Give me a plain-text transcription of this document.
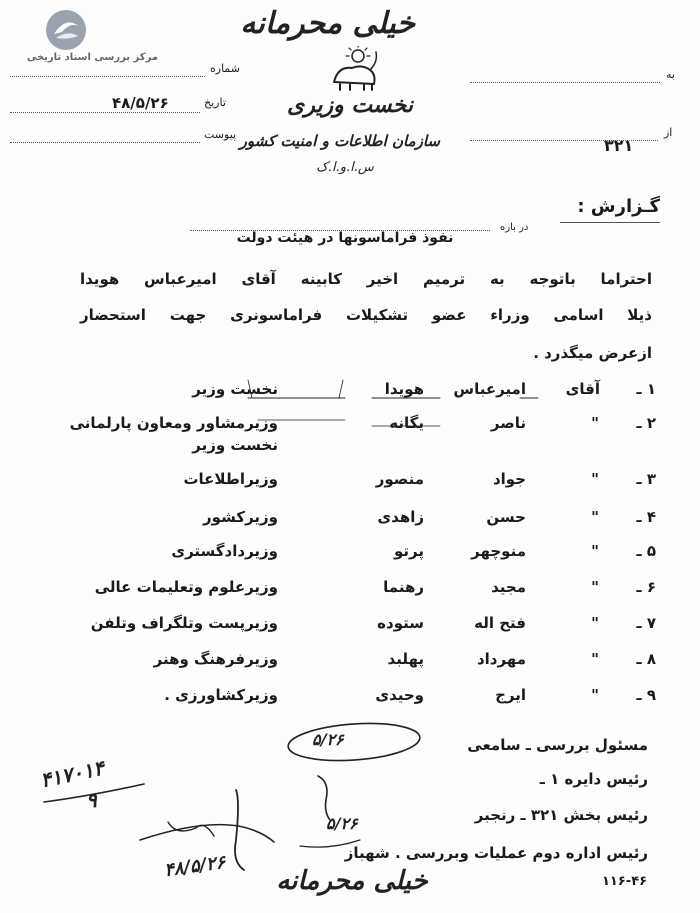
مرکز بررسی اسناد تاریخی
خیلی محرمانه
نخست وزیری
سازمان اطلاعات و امنیت کشور
س.ا.و.ا.ک
شماره
تاریخ
۴۸/۵/۲۶
پیوست
به
از
۳۲۱
گـزارش :
در باره
نفوذ فراماسونها در هیئت دولت
احتراما باتوجه به ترمیم اخیر کابینه آقای امیرعباس هویدا
ذیلا اسامی وزراء عضو تشکیلات فراماسونری جهت استحضار
ازعرض میگذرد .
۱ ـ
آقای
امیرعباس
هویدا
نخست وزیر
۲ ـ
"
ناصر
یگانه
وزیرمشاور ومعاون پارلمانی
نخست وزیر
۳ ـ
"
جواد
منصور
وزیراطلاعات
۴ ـ
"
حسن
زاهدی
وزیرکشور
۵ ـ
"
منوچهر
پرتو
وزیردادگستری
۶ ـ
"
مجید
رهنما
وزیرعلوم وتعلیمات عالی
۷ ـ
"
فتح اله
ستوده
وزیرپست وتلگراف وتلفن
۸ ـ
"
مهرداد
پهلبد
وزیرفرهنگ وهنر
۹ ـ
"
ایرج
وحیدی
وزیرکشاورزی .
مسئول بررسی ـ سامعی
۵/۲۶
رئیس دایره ۱ ـ
رئیس بخش ۳۲۱ ـ رنجبر
۵/۲۶
رئیس اداره دوم عملیات وبررسی . شهباز
۴۸/۵/۲۶
۴۱۷۰۱۴
۹
خیلی محرمانه	۱۱۶-۴۶
